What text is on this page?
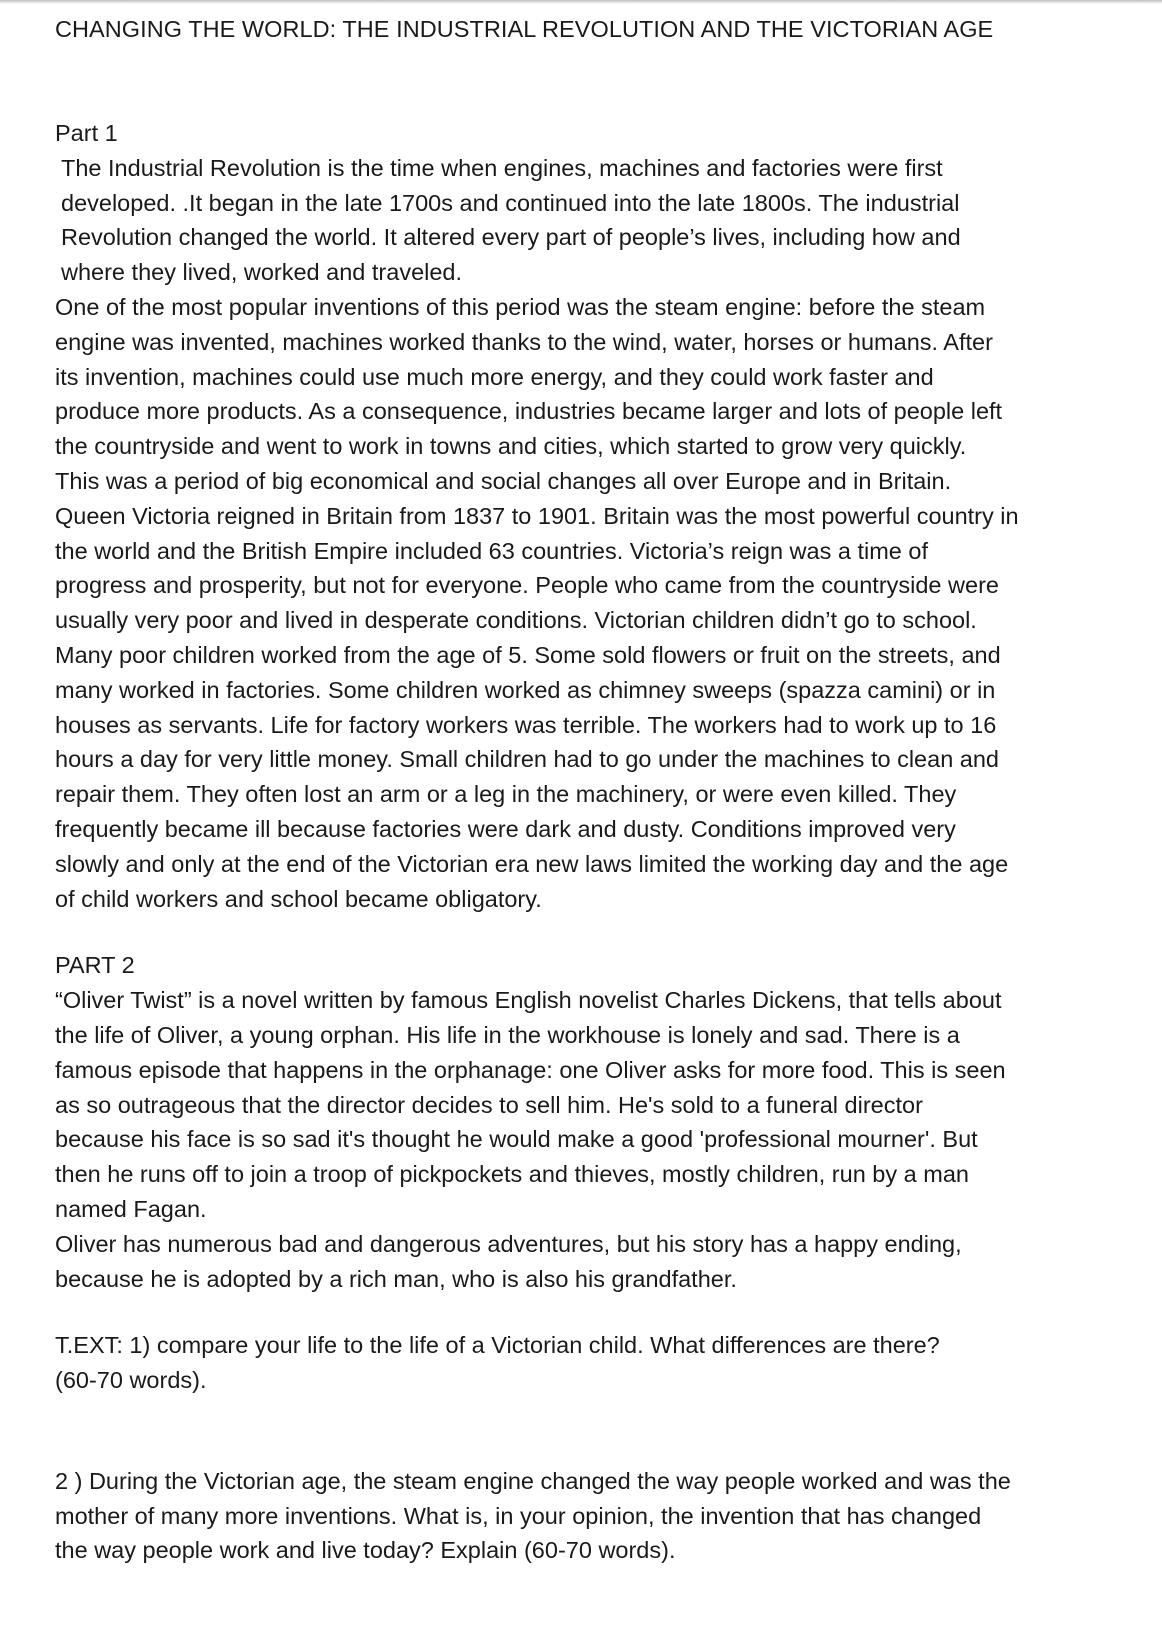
CHANGING THE WORLD: THE INDUSTRIAL REVOLUTION AND THE VICTORIAN AGE

Part 1

The Industrial Revolution is the time when engines, machines and factories were first
developed. .It began in the late 1700s and continued into the late 1800s. The industrial
Revolution changed the world. It altered every part of people’s lives, including how and
where they lived, worked and traveled.

One of the most popular inventions of this period was the steam engine: before the steam
engine was invented, machines worked thanks to the wind, water, horses or humans. After
its invention, machines could use much more energy, and they could work faster and
produce more products. As a consequence, industries became larger and lots of people left
the countryside and went to work in towns and cities, which started to grow very quickly.
This was a period of big economical and social changes all over Europe and in Britain.
Queen Victoria reigned in Britain from 1837 to 1901. Britain was the most powerful country in
the world and the British Empire included 63 countries. Victoria’s reign was a time of
progress and prosperity, but not for everyone. People who came from the countryside were
usually very poor and lived in desperate conditions. Victorian children didn’t go to school.
Many poor children worked from the age of 5. Some sold flowers or fruit on the streets, and
many worked in factories. Some children worked as chimney sweeps (spazza camini) or in
houses as servants. Life for factory workers was terrible. The workers had to work up to 16
hours a day for very little money. Small children had to go under the machines to clean and
repair them. They often lost an arm or a leg in the machinery, or were even killed. They
frequently became ill because factories were dark and dusty. Conditions improved very
slowly and only at the end of the Victorian era new laws limited the working day and the age
of child workers and school became obligatory.

PART 2

“Oliver Twist” is a novel written by famous English novelist Charles Dickens, that tells about
the life of Oliver, a young orphan. His life in the workhouse is lonely and sad. There is a
famous episode that happens in the orphanage: one Oliver asks for more food. This is seen
as so outrageous that the director decides to sell him. He's sold to a funeral director
because his face is so sad it's thought he would make a good 'professional mourner'. But
then he runs off to join a troop of pickpockets and thieves, mostly children, run by a man
named Fagan.

Oliver has numerous bad and dangerous adventures, but his story has a happy ending,
because he is adopted by a rich man, who is also his grandfather.

T.EXT: 1) compare your life to the life of a Victorian child. What differences are there?
(60-70 words).

2 ) During the Victorian age, the steam engine changed the way people worked and was the
mother of many more inventions. What is, in your opinion, the invention that has changed
the way people work and live today? Explain (60-70 words).
